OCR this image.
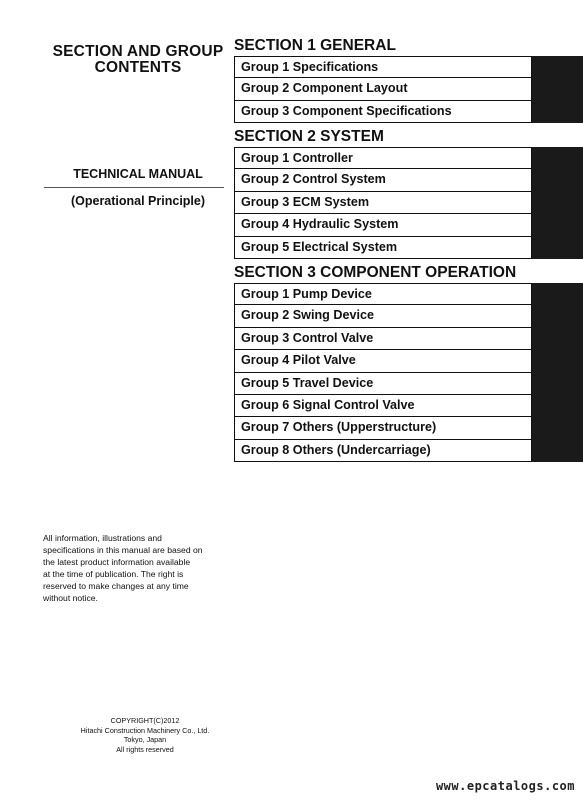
SECTION AND GROUP
CONTENTS
TECHNICAL MANUAL
(Operational Principle)
All information, illustrations and
specifications in this manual are based on
the latest product information available
at the time of publication. The right is
reserved to make changes at any time
without notice.
COPYRIGHT(C)2012
Hitachi Construction Machinery Co., Ltd.
Tokyo, Japan
All rights reserved
SECTION 1 GENERAL
Group 1 Specifications
Group 2 Component Layout
Group 3 Component Specifications
SECTION 2 SYSTEM
Group 1 Controller
Group 2 Control System
Group 3 ECM System
Group 4 Hydraulic System
Group 5 Electrical System
SECTION 3 COMPONENT OPERATION
Group 1 Pump Device
Group 2 Swing Device
Group 3 Control Valve
Group 4 Pilot Valve
Group 5 Travel Device
Group 6 Signal Control Valve
Group 7 Others (Upperstructure)
Group 8 Others (Undercarriage)
www.epcatalogs.com
